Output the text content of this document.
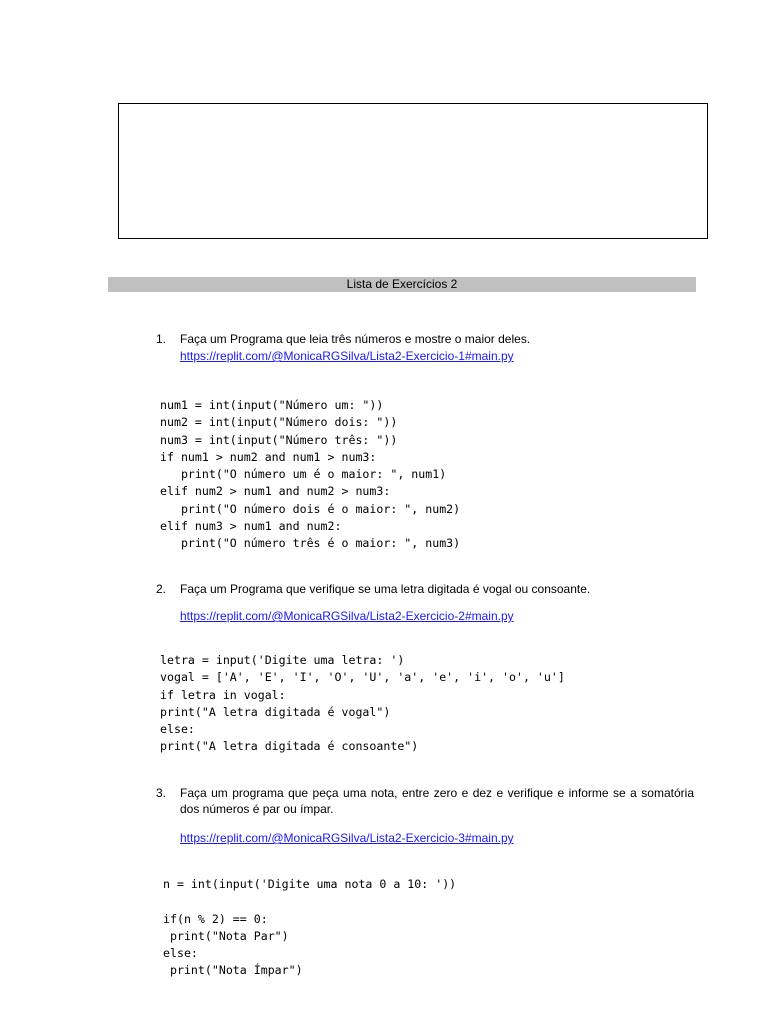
Lista de Exercícios 2
1. Faça um Programa que leia três números e mostre o maior deles.
https://replit.com/@MonicaRGSilva/Lista2-Exercicio-1#main.py
num1 = int(input("Número um: "))
num2 = int(input("Número dois: "))
num3 = int(input("Número três: "))
if num1 > num2 and num1 > num3:
print("O número um é o maior: ", num1)
elif num2 > num1 and num2 > num3:
print("O número dois é o maior: ", num2)
elif num3 > num1 and num2:
print("O número três é o maior: ", num3)
2. Faça um Programa que verifique se uma letra digitada é vogal ou consoante.
https://replit.com/@MonicaRGSilva/Lista2-Exercicio-2#main.py
letra = input('Digite uma letra: ')
vogal = ['A', 'E', 'I', 'O', 'U', 'a', 'e', 'i', 'o', 'u']
if letra in vogal:
print("A letra digitada é vogal")
else:
print("A letra digitada é consoante")
3. Faça um programa que peça uma nota, entre zero e dez e verifique e informe se a somatória dos números é par ou ímpar.
https://replit.com/@MonicaRGSilva/Lista2-Exercicio-3#main.py
n = int(input('Digite uma nota 0 a 10: '))

if(n % 2) == 0:
print("Nota Par")
else:
print("Nota Ímpar")
